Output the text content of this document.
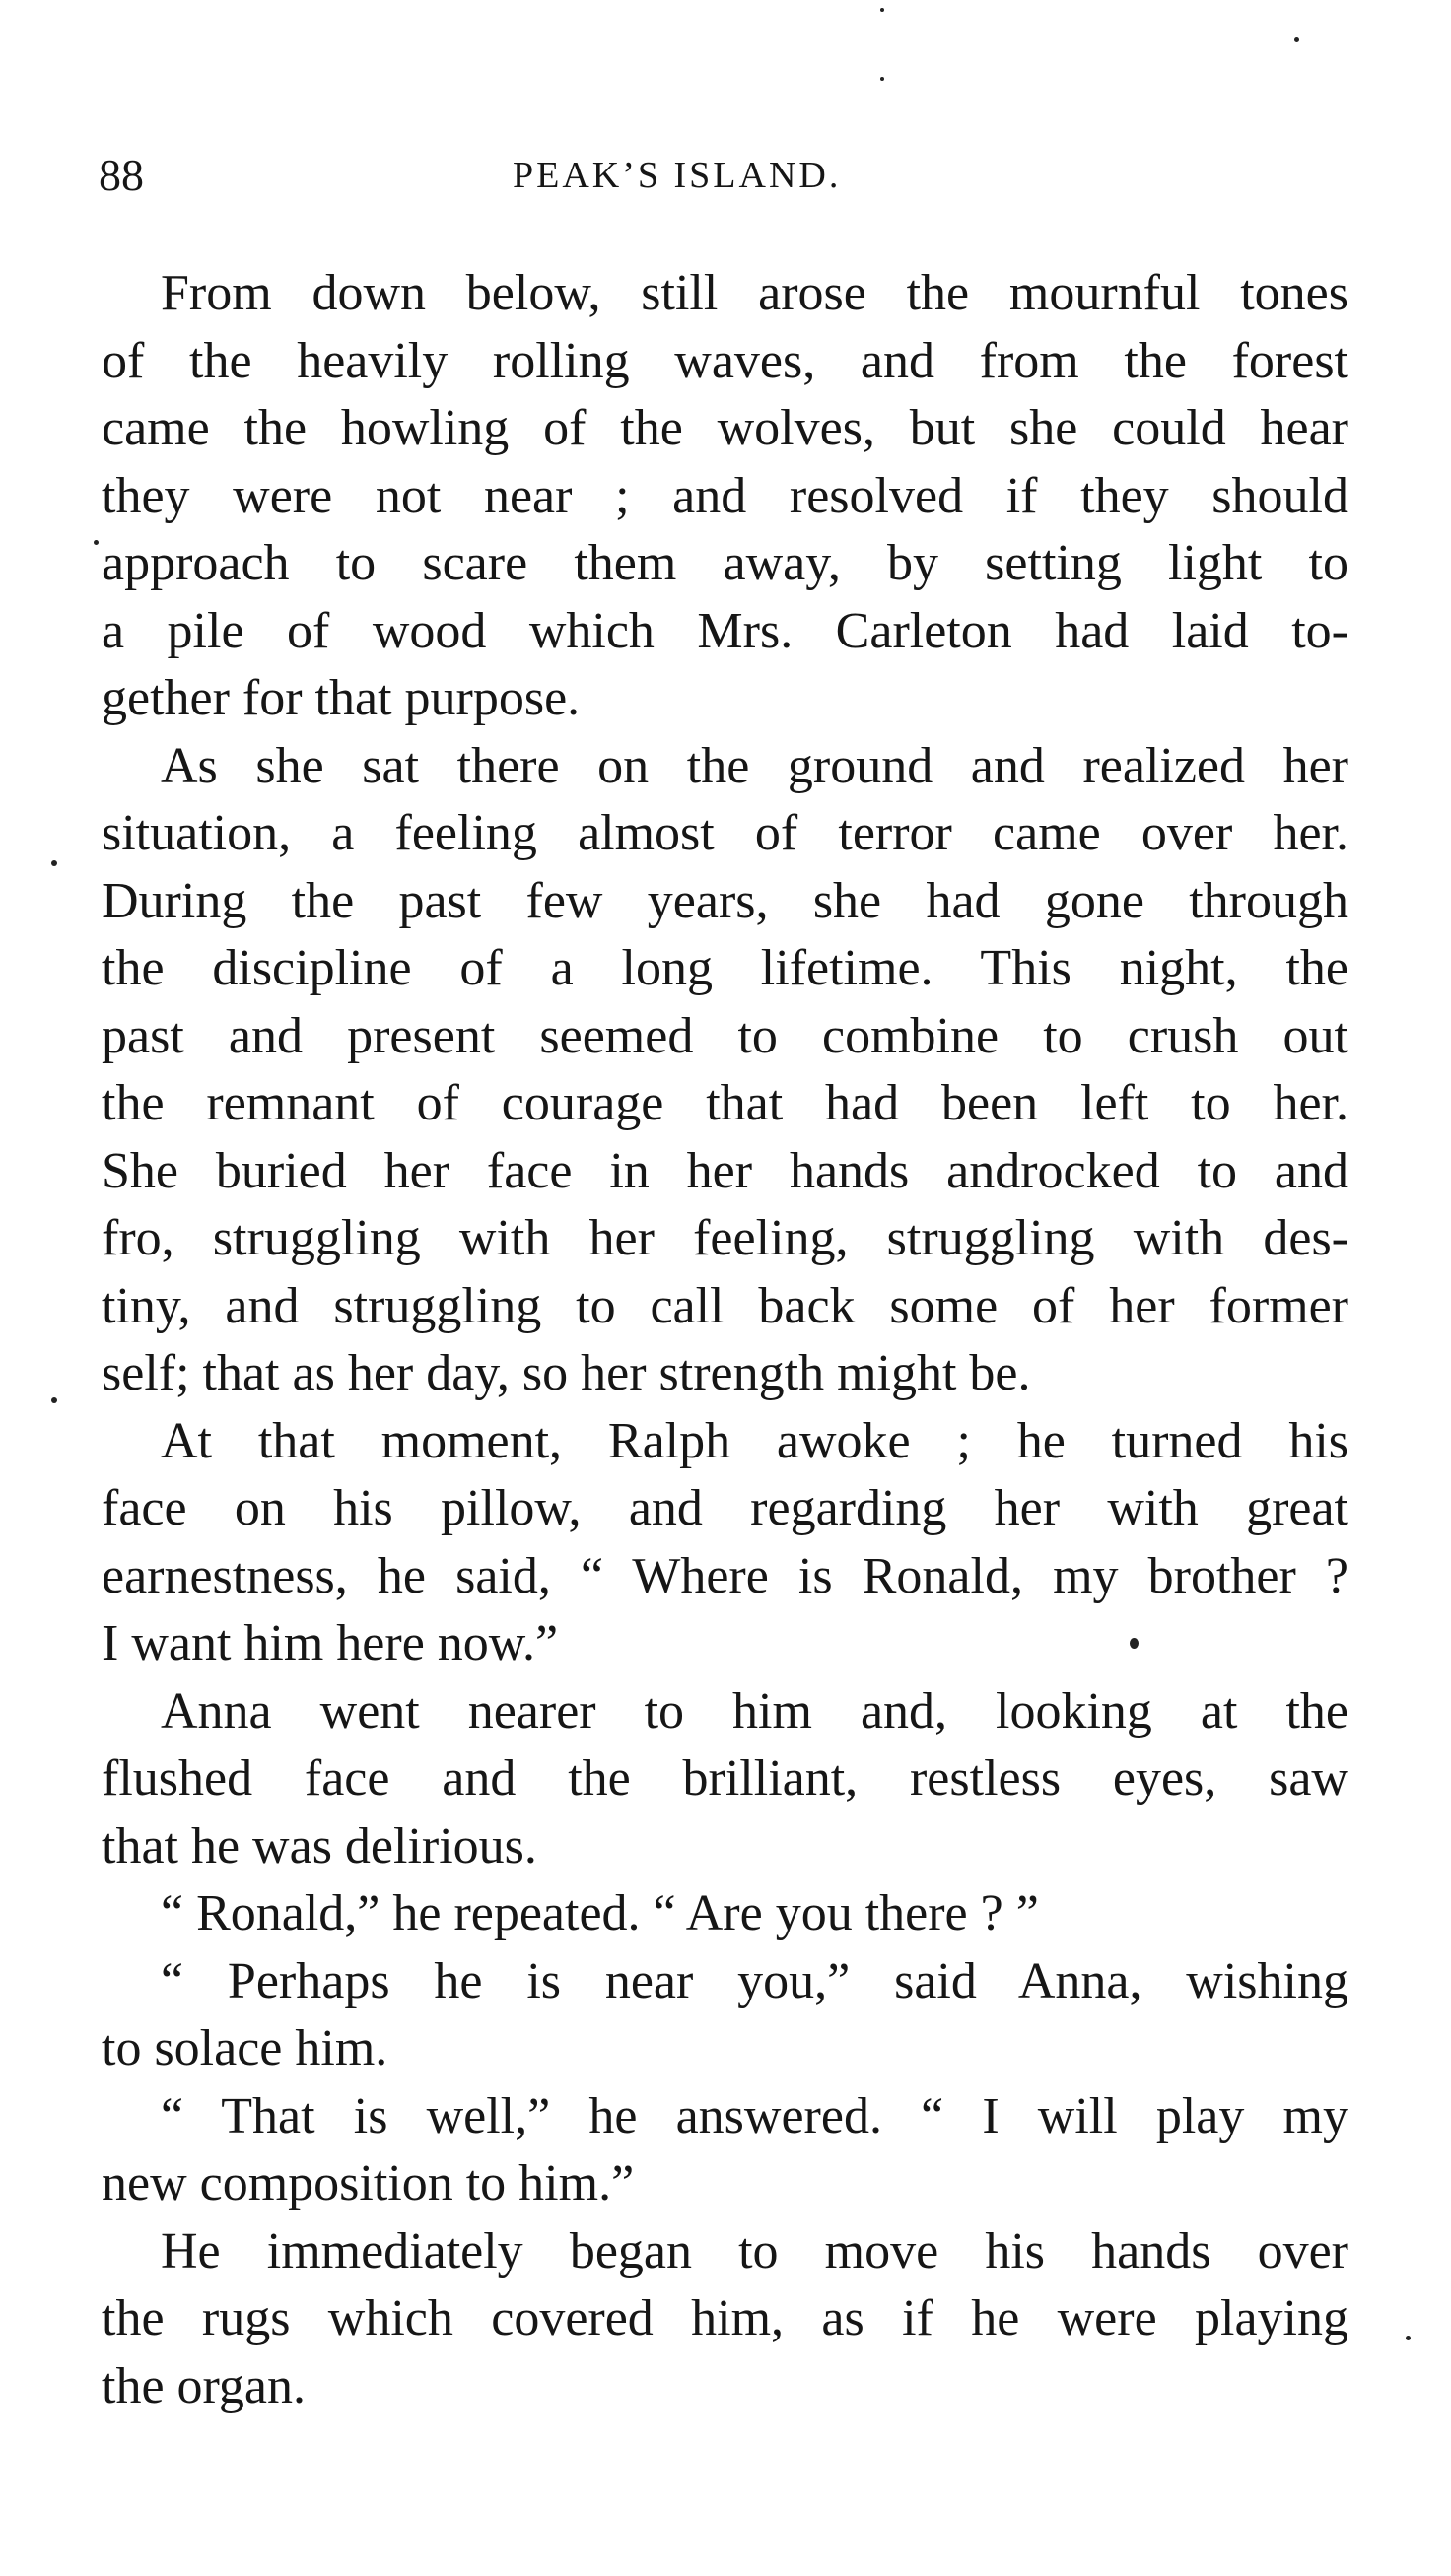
88	PEAK’S ISLAND.
From down below, still arose the mournful tones
of the heavily rolling waves, and from the forest
came the howling of the wolves, but she could hear
they were not near ; and resolved if they should
approach to scare them away, by setting light to
a pile of wood which Mrs. Carleton had laid to-
gether for that purpose.
As she sat there on the ground and realized her
situation, a feeling almost of terror came over her.
During the past few years, she had gone through
the discipline of a long lifetime. This night, the
past and present seemed to combine to crush out
the remnant of courage that had been left to her.
She buried her face in her hands androcked to and
fro, struggling with her feeling, struggling with des-
tiny, and struggling to call back some of her former
self; that as her day, so her strength might be.
At that moment, Ralph awoke ; he turned his
face on his pillow, and regarding her with great
earnestness, he said, “ Where is Ronald, my brother ?
I want him here now.”
Anna went nearer to him and, looking at the
flushed face and the brilliant, restless eyes, saw
that he was delirious.
“ Ronald,” he repeated. “ Are you there ? ”
“ Perhaps he is near you,” said Anna, wishing
to solace him.
“ That is well,” he answered. “ I will play my
new composition to him.”
He immediately began to move his hands over
the rugs which covered him, as if he were playing
the organ.
